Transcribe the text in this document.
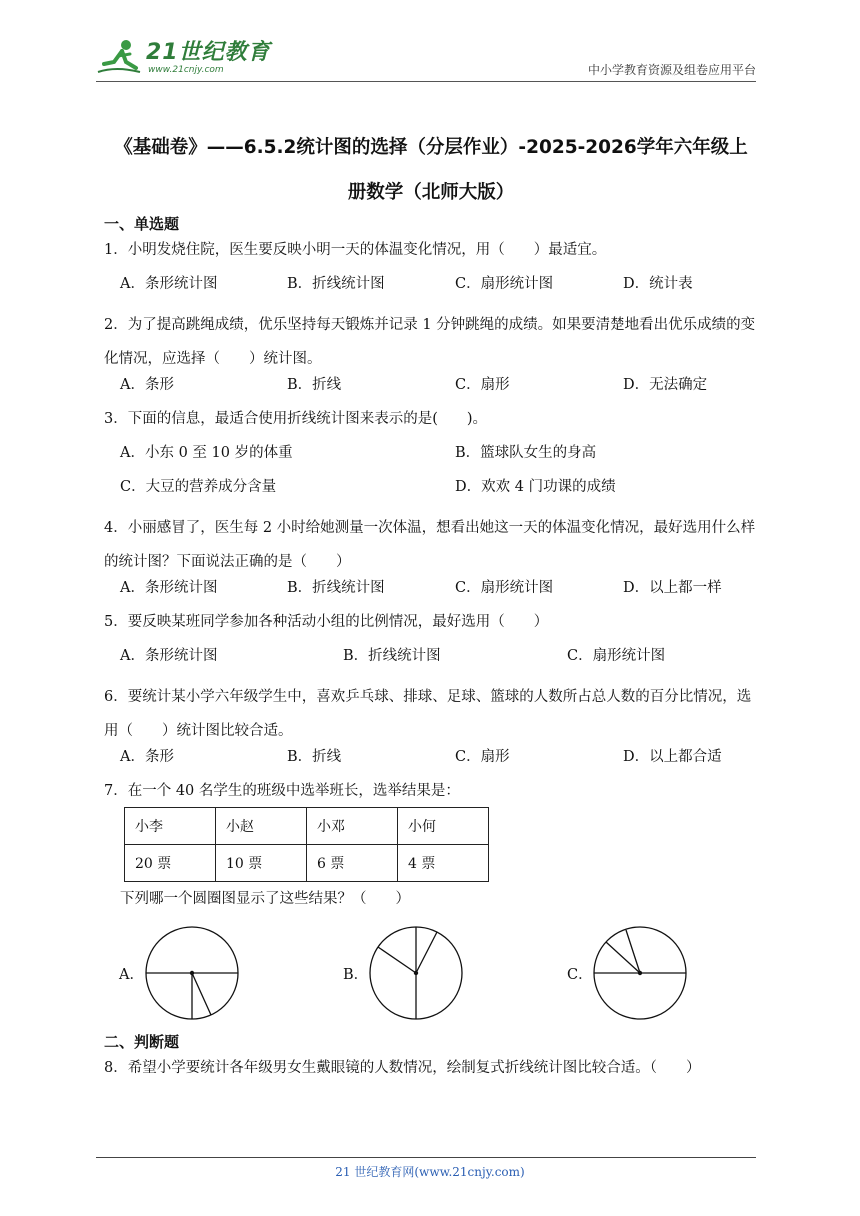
21世纪教育
www.21cnjy.com	中小学教育资源及组卷应用平台
《基础卷》——6.5.2统计图的选择（分层作业）-2025-2026学年六年级上
册数学（北师大版）
一、单选题
1．小明发烧住院，医生要反映小明一天的体温变化情况，用（　　）最适宜。
A．条形统计图	B．折线统计图	C．扇形统计图	D．统计表
2．为了提高跳绳成绩，优乐坚持每天锻炼并记录 1 分钟跳绳的成绩。如果要清楚地看出优乐成绩的变化情况，应选择（　　）统计图。
A．条形	B．折线	C．扇形	D．无法确定
3．下面的信息，最适合使用折线统计图来表示的是(　　)。
A．小东 0 至 10 岁的体重	B．篮球队女生的身高
C．大豆的营养成分含量	D．欢欢 4 门功课的成绩
4．小丽感冒了，医生每 2 小时给她测量一次体温，想看出她这一天的体温变化情况，最好选用什么样的统计图？下面说法正确的是（　　）
A．条形统计图	B．折线统计图	C．扇形统计图	D．以上都一样
5．要反映某班同学参加各种活动小组的比例情况，最好选用（　　）
A．条形统计图	B．折线统计图	C．扇形统计图
6．要统计某小学六年级学生中，喜欢乒乓球、排球、足球、篮球的人数所占总人数的百分比情况，选用（　　）统计图比较合适。
A．条形	B．折线	C．扇形	D．以上都合适
7．在一个 40 名学生的班级中选举班长，选举结果是：
小李	小赵	小邓	小何
20 票	10 票	6 票	4 票
下列哪一个圆圈图显示了这些结果？（　　）
A．	B．	C．
二、判断题
8．希望小学要统计各年级男女生戴眼镜的人数情况，绘制复式折线统计图比较合适。（　　）
21 世纪教育网(www.21cnjy.com)
